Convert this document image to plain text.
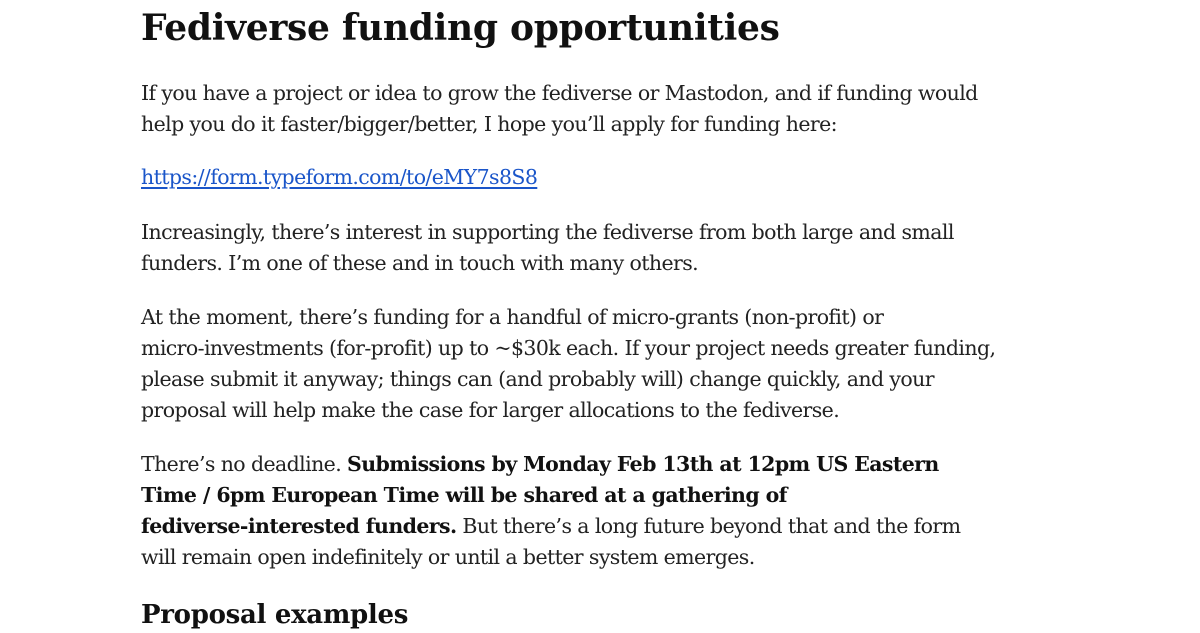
Fediverse funding opportunities

If you have a project or idea to grow the fediverse or Mastodon, and if funding would
help you do it faster/bigger/better, I hope you’ll apply for funding here:

https://form.typeform.com/to/eMY7s8S8

Increasingly, there’s interest in supporting the fediverse from both large and small
funders. I’m one of these and in touch with many others.

At the moment, there’s funding for a handful of micro-grants (non-profit) or
micro-investments (for-profit) up to ~$30k each. If your project needs greater funding,
please submit it anyway; things can (and probably will) change quickly, and your
proposal will help make the case for larger allocations to the fediverse.

There’s no deadline. Submissions by Monday Feb 13th at 12pm US Eastern
Time / 6pm European Time will be shared at a gathering of
fediverse-interested funders. But there’s a long future beyond that and the form
will remain open indefinitely or until a better system emerges.

Proposal examples
